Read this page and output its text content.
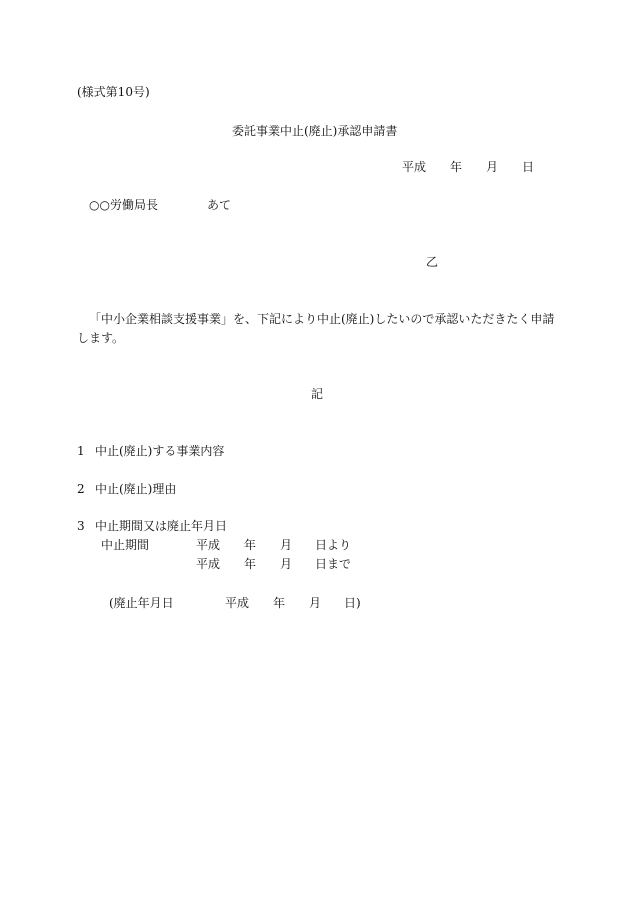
(様式第10号)
委託事業中止(廃止)承認申請書
平成 年 月 日
○○労働局長	あて
乙
「中小企業相談支援事業」を、下記により中止(廃止)したいので承認いただきたく申請
します。
記
1 中止(廃止)する事業内容
2 中止(廃止)理由
3 中止期間又は廃止年月日
中止期間	平成 年 月 日より
平成 年 月 日まで
(廃止年月日	平成 年 月 日)
